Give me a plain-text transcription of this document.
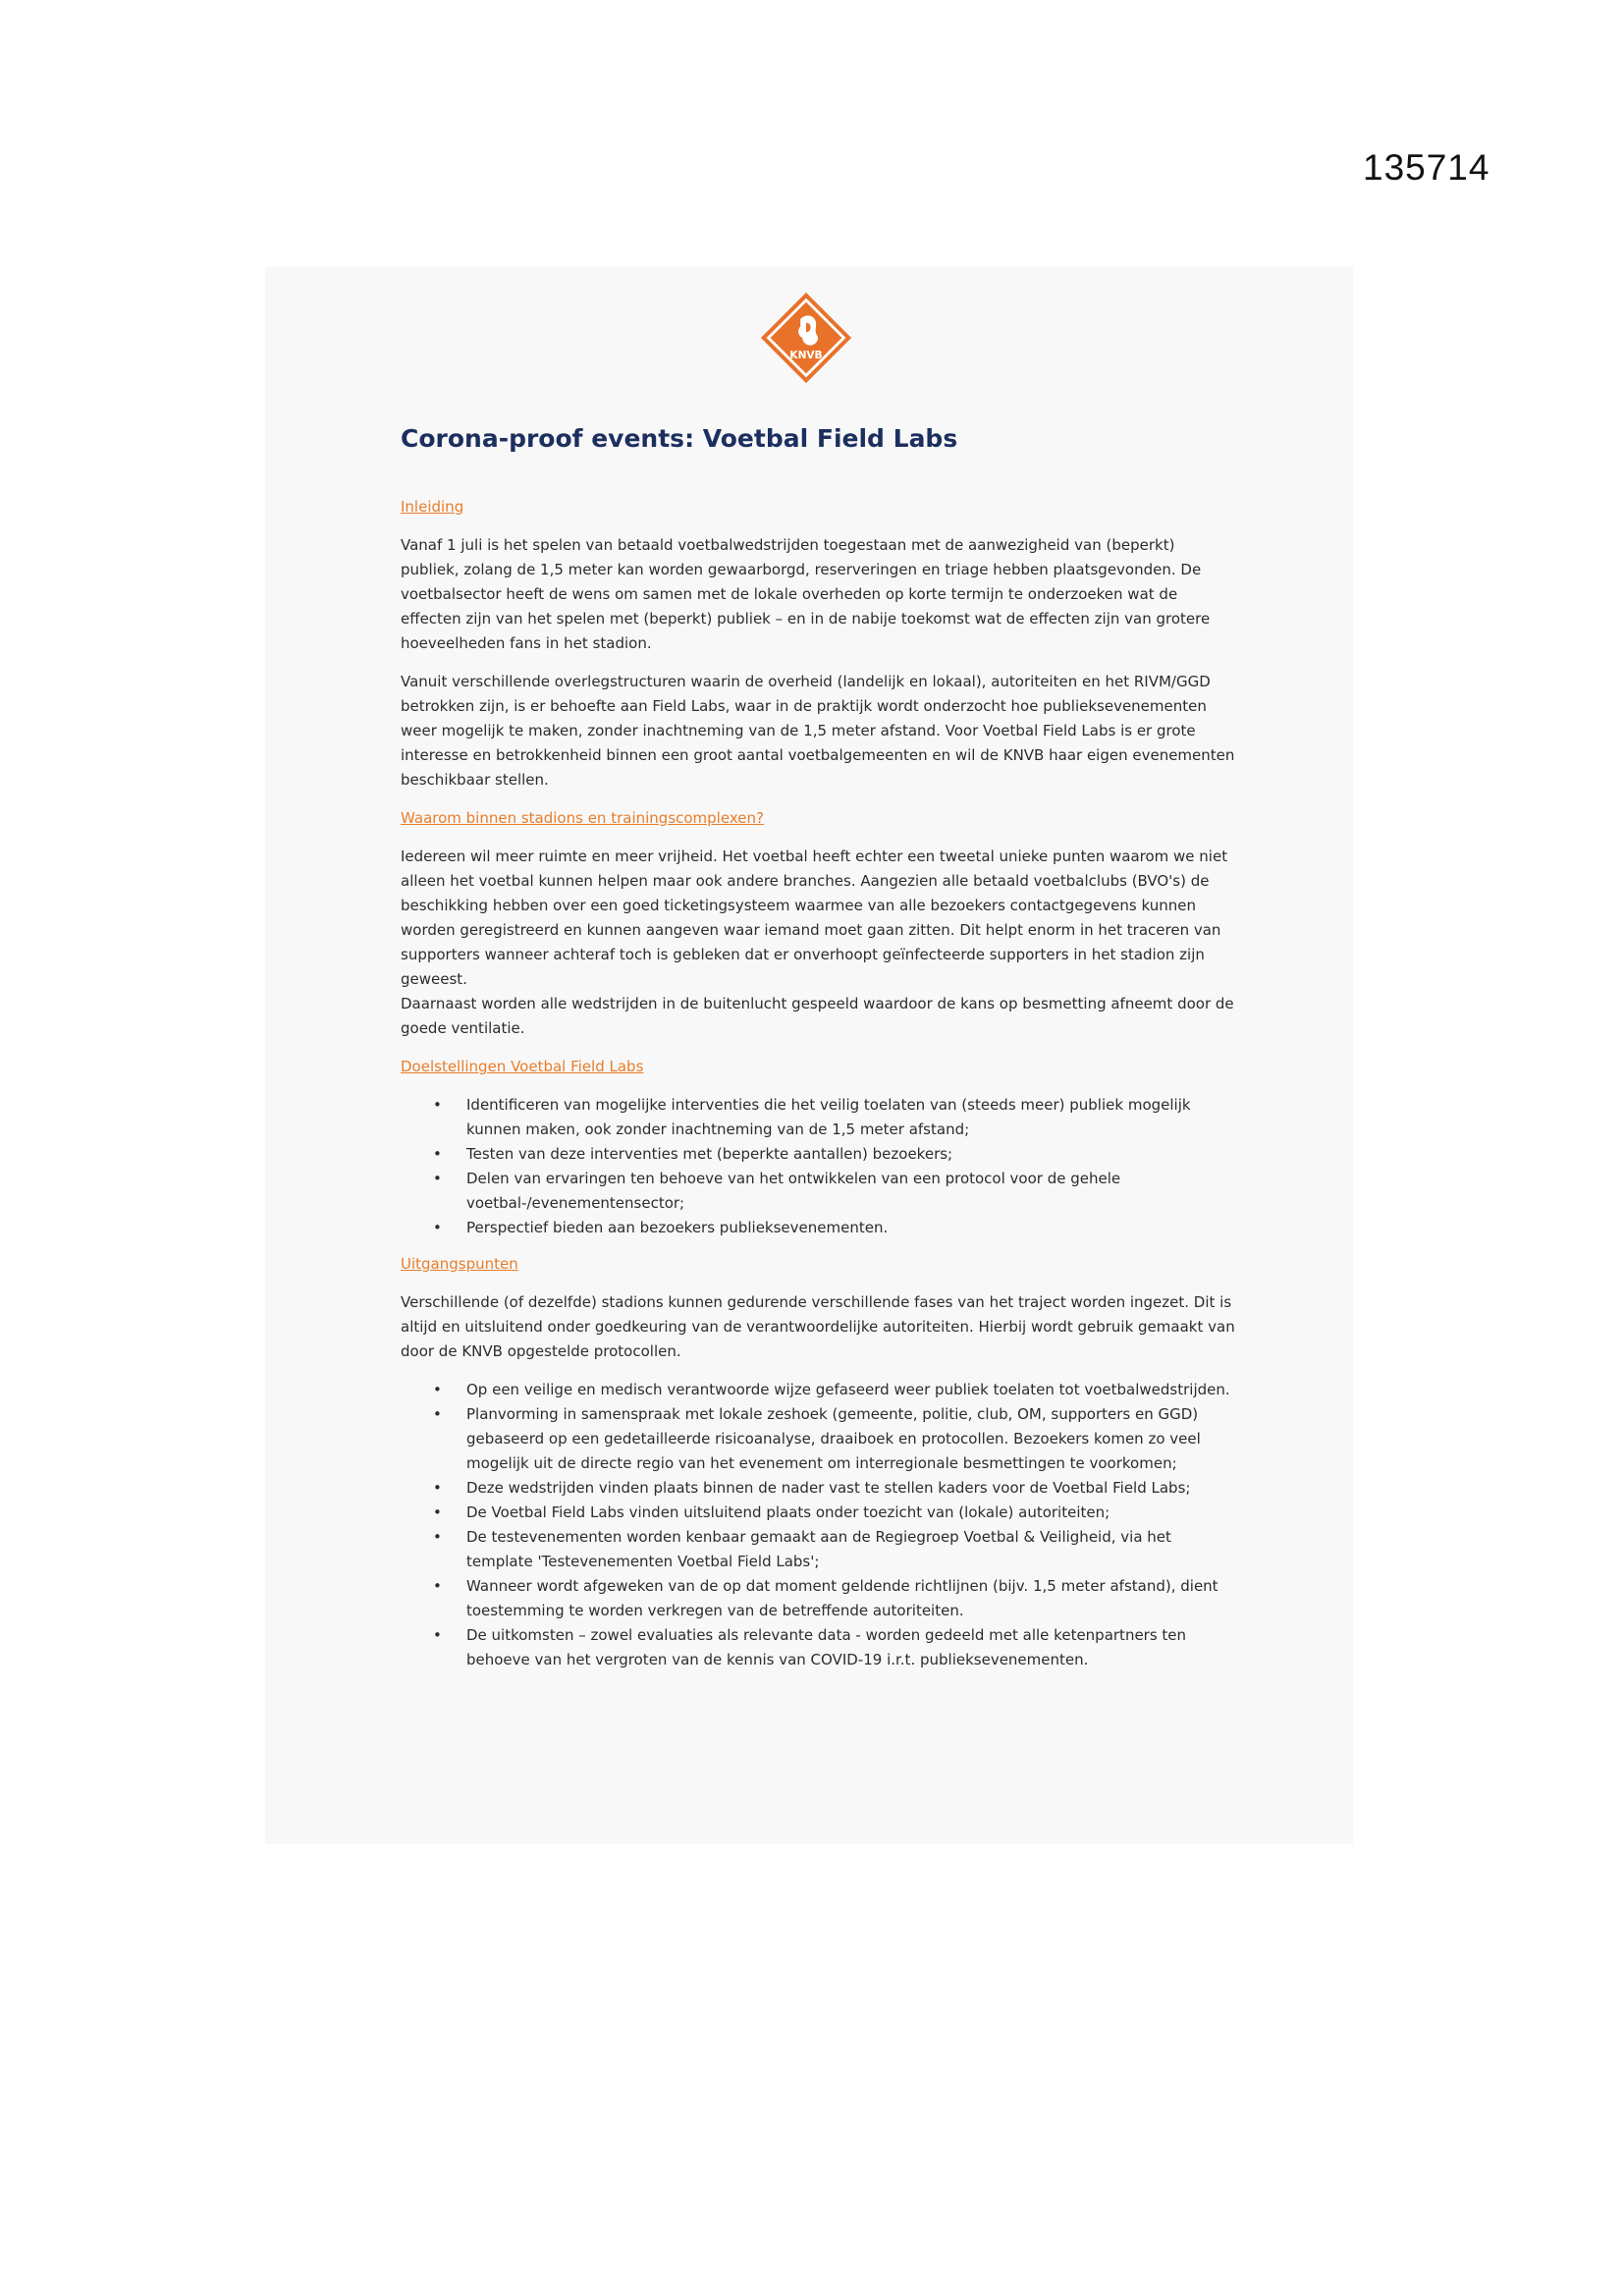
135714
KNVB
Corona-proof events: Voetbal Field Labs
Inleiding

Vanaf 1 juli is het spelen van betaald voetbalwedstrijden toegestaan met de aanwezigheid van (beperkt) publiek, zolang de 1,5 meter kan worden gewaarborgd, reserveringen en triage hebben plaatsgevonden. De voetbalsector heeft de wens om samen met de lokale overheden op korte termijn te onderzoeken wat de effecten zijn van het spelen met (beperkt) publiek – en in de nabije toekomst wat de effecten zijn van grotere hoeveelheden fans in het stadion.

Vanuit verschillende overlegstructuren waarin de overheid (landelijk en lokaal), autoriteiten en het RIVM/GGD betrokken zijn, is er behoefte aan Field Labs, waar in de praktijk wordt onderzocht hoe publieksevenementen weer mogelijk te maken, zonder inachtneming van de 1,5 meter afstand. Voor Voetbal Field Labs is er grote interesse en betrokkenheid binnen een groot aantal voetbalgemeenten en wil de KNVB haar eigen evenementen beschikbaar stellen.

Waarom binnen stadions en trainingscomplexen?

Iedereen wil meer ruimte en meer vrijheid. Het voetbal heeft echter een tweetal unieke punten waarom we niet alleen het voetbal kunnen helpen maar ook andere branches. Aangezien alle betaald voetbalclubs (BVO's) de beschikking hebben over een goed ticketingsysteem waarmee van alle bezoekers contactgegevens kunnen worden geregistreerd en kunnen aangeven waar iemand moet gaan zitten. Dit helpt enorm in het traceren van supporters wanneer achteraf toch is gebleken dat er onverhoopt geïnfecteerde supporters in het stadion zijn geweest.

Daarnaast worden alle wedstrijden in de buitenlucht gespeeld waardoor de kans op besmetting afneemt door de goede ventilatie.

Doelstellingen Voetbal Field Labs
• Identificeren van mogelijke interventies die het veilig toelaten van (steeds meer) publiek mogelijk kunnen maken, ook zonder inachtneming van de 1,5 meter afstand;
• Testen van deze interventies met (beperkte aantallen) bezoekers;
• Delen van ervaringen ten behoeve van het ontwikkelen van een protocol voor de gehele voetbal-/evenementensector;
• Perspectief bieden aan bezoekers publieksevenementen.
Uitgangspunten

Verschillende (of dezelfde) stadions kunnen gedurende verschillende fases van het traject worden ingezet. Dit is altijd en uitsluitend onder goedkeuring van de verantwoordelijke autoriteiten. Hierbij wordt gebruik gemaakt van door de KNVB opgestelde protocollen.

• Op een veilige en medisch verantwoorde wijze gefaseerd weer publiek toelaten tot voetbalwedstrijden.
• Planvorming in samenspraak met lokale zeshoek (gemeente, politie, club, OM, supporters en GGD) gebaseerd op een gedetailleerde risicoanalyse, draaiboek en protocollen. Bezoekers komen zo veel mogelijk uit de directe regio van het evenement om interregionale besmettingen te voorkomen;
• Deze wedstrijden vinden plaats binnen de nader vast te stellen kaders voor de Voetbal Field Labs;
• De Voetbal Field Labs vinden uitsluitend plaats onder toezicht van (lokale) autoriteiten;
• De testevenementen worden kenbaar gemaakt aan de Regiegroep Voetbal & Veiligheid, via het template 'Testevenementen Voetbal Field Labs';
• Wanneer wordt afgeweken van de op dat moment geldende richtlijnen (bijv. 1,5 meter afstand), dient toestemming te worden verkregen van de betreffende autoriteiten.
• De uitkomsten – zowel evaluaties als relevante data - worden gedeeld met alle ketenpartners ten behoeve van het vergroten van de kennis van COVID-19 i.r.t. publieksevenementen.
